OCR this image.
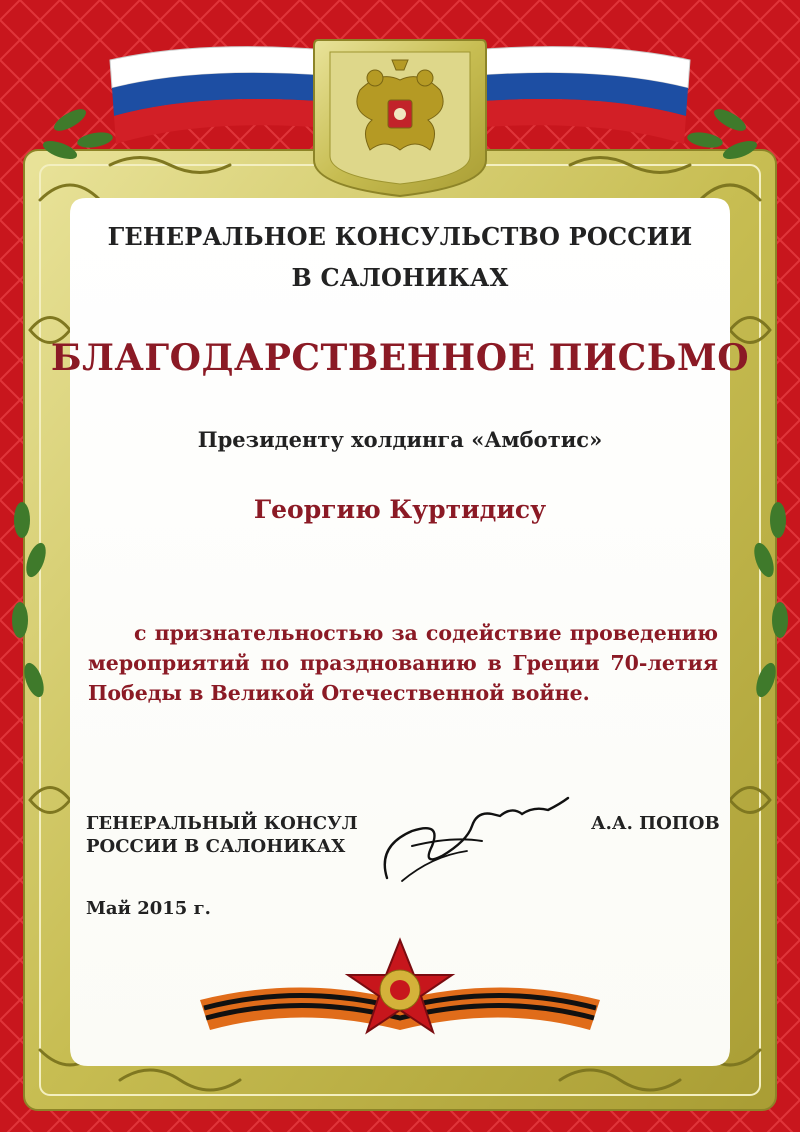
ГЕНЕРАЛЬНОЕ КОНСУЛЬСТВО РОССИИ
В САЛОНИКАХ
БЛАГОДАРСТВЕННОЕ ПИСЬМО
Президенту холдинга «Амботис»
Георгию Куртидису
с признательностью за содействие проведению мероприятий по празднованию в Греции 70-летия Победы в Великой Отечественной войне.
ГЕНЕРАЛЬНЫЙ КОНСУЛ
РОССИИ В САЛОНИКАХ
А.А. ПОПОВ
Май 2015 г.
